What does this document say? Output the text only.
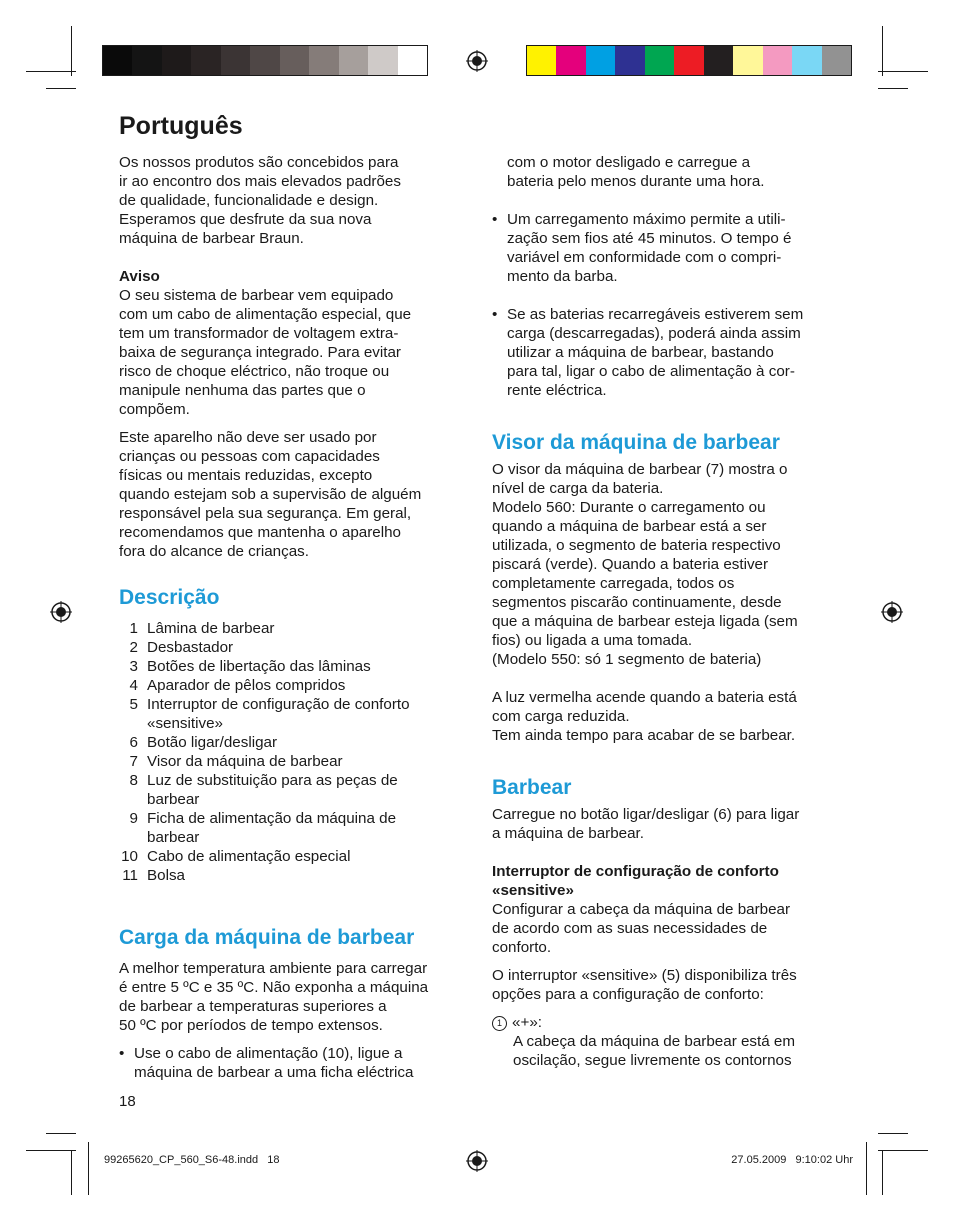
Português

Os nossos produtos são concebidos para
ir ao encontro dos mais elevados padrões
de qualidade, funcionalidade e design.
Esperamos que desfrute da sua nova
máquina de barbear Braun.

Aviso

O seu sistema de barbear vem equipado
com um cabo de alimentação especial, que
tem um transformador de voltagem extra-
baixa de segurança integrado. Para evitar
risco de choque eléctrico, não troque ou
manipule nenhuma das partes que o
compõem.

Este aparelho não deve ser usado por
crianças ou pessoas com capacidades
físicas ou mentais reduzidas, excepto
quando estejam sob a supervisão de alguém
responsável pela sua segurança. Em geral,
recomendamos que mantenha o aparelho
fora do alcance de crianças.

Descrição

1 Lâmina de barbear
2 Desbastador
3 Botões de libertação das lâminas
4 Aparador de pêlos compridos
5 Interruptor de configuração de conforto
«sensitive»
6 Botão ligar/desligar
7 Visor da máquina de barbear
8 Luz de substituição para as peças de
barbear
9 Ficha de alimentação da máquina de
barbear
10 Cabo de alimentação especial
11 Bolsa

Carga da máquina de barbear

A melhor temperatura ambiente para carregar
é entre 5 ºC e 35 ºC. Não exponha a máquina
de barbear a temperaturas superiores a
50 ºC por períodos de tempo extensos.

• Use o cabo de alimentação (10), ligue a
máquina de barbear a uma ficha eléctrica

com o motor desligado e carregue a
bateria pelo menos durante uma hora.

• Um carregamento máximo permite a utili-
zação sem fios até 45 minutos. O tempo é
variável em conformidade com o compri-
mento da barba.
• Se as baterias recarregáveis estiverem sem
carga (descarregadas), poderá ainda assim
utilizar a máquina de barbear, bastando
para tal, ligar o cabo de alimentação à cor-
rente eléctrica.

Visor da máquina de barbear

O visor da máquina de barbear (7) mostra o
nível de carga da bateria.
Modelo 560: Durante o carregamento ou
quando a máquina de barbear está a ser
utilizada, o segmento de bateria respectivo
piscará (verde). Quando a bateria estiver
completamente carregada, todos os
segmentos piscarão continuamente, desde
que a máquina de barbear esteja ligada (sem
fios) ou ligada a uma tomada.
(Modelo 550: só 1 segmento de bateria)

A luz vermelha acende quando a bateria está
com carga reduzida.
Tem ainda tempo para acabar de se barbear.

Barbear

Carregue no botão ligar/desligar (6) para ligar
a máquina de barbear.

Interruptor de configuração de conforto
«sensitive»

Configurar a cabeça da máquina de barbear
de acordo com as suas necessidades de
conforto.

O interruptor «sensitive» (5) disponibiliza três
opções para a configuração de conforto:

1 «+»:

A cabeça da máquina de barbear está em
oscilação, segue livremente os contornos

18
99265620_CP_560_S6-48.indd   18	27.05.2009   9:10:02 Uhr
